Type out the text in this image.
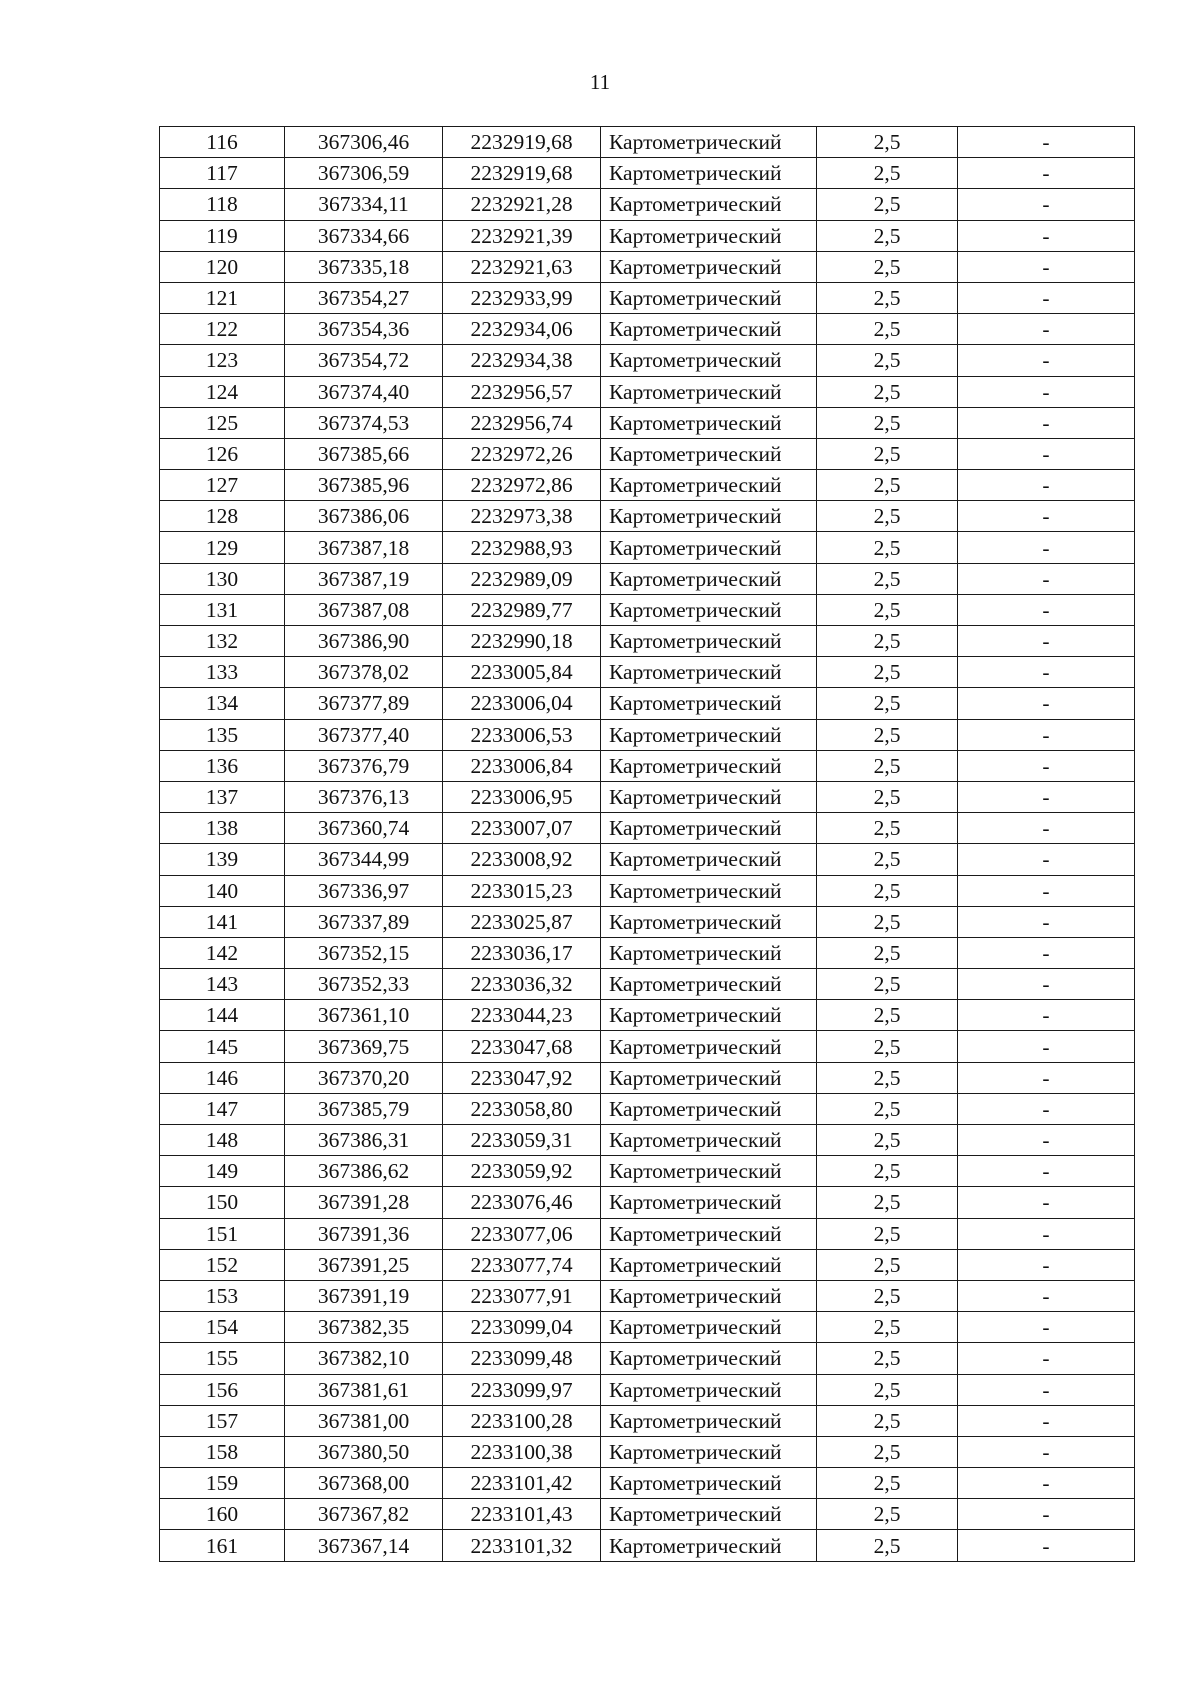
11
116	367306,46	2232919,68	Картометрический	2,5	-
117	367306,59	2232919,68	Картометрический	2,5	-
118	367334,11	2232921,28	Картометрический	2,5	-
119	367334,66	2232921,39	Картометрический	2,5	-
120	367335,18	2232921,63	Картометрический	2,5	-
121	367354,27	2232933,99	Картометрический	2,5	-
122	367354,36	2232934,06	Картометрический	2,5	-
123	367354,72	2232934,38	Картометрический	2,5	-
124	367374,40	2232956,57	Картометрический	2,5	-
125	367374,53	2232956,74	Картометрический	2,5	-
126	367385,66	2232972,26	Картометрический	2,5	-
127	367385,96	2232972,86	Картометрический	2,5	-
128	367386,06	2232973,38	Картометрический	2,5	-
129	367387,18	2232988,93	Картометрический	2,5	-
130	367387,19	2232989,09	Картометрический	2,5	-
131	367387,08	2232989,77	Картометрический	2,5	-
132	367386,90	2232990,18	Картометрический	2,5	-
133	367378,02	2233005,84	Картометрический	2,5	-
134	367377,89	2233006,04	Картометрический	2,5	-
135	367377,40	2233006,53	Картометрический	2,5	-
136	367376,79	2233006,84	Картометрический	2,5	-
137	367376,13	2233006,95	Картометрический	2,5	-
138	367360,74	2233007,07	Картометрический	2,5	-
139	367344,99	2233008,92	Картометрический	2,5	-
140	367336,97	2233015,23	Картометрический	2,5	-
141	367337,89	2233025,87	Картометрический	2,5	-
142	367352,15	2233036,17	Картометрический	2,5	-
143	367352,33	2233036,32	Картометрический	2,5	-
144	367361,10	2233044,23	Картометрический	2,5	-
145	367369,75	2233047,68	Картометрический	2,5	-
146	367370,20	2233047,92	Картометрический	2,5	-
147	367385,79	2233058,80	Картометрический	2,5	-
148	367386,31	2233059,31	Картометрический	2,5	-
149	367386,62	2233059,92	Картометрический	2,5	-
150	367391,28	2233076,46	Картометрический	2,5	-
151	367391,36	2233077,06	Картометрический	2,5	-
152	367391,25	2233077,74	Картометрический	2,5	-
153	367391,19	2233077,91	Картометрический	2,5	-
154	367382,35	2233099,04	Картометрический	2,5	-
155	367382,10	2233099,48	Картометрический	2,5	-
156	367381,61	2233099,97	Картометрический	2,5	-
157	367381,00	2233100,28	Картометрический	2,5	-
158	367380,50	2233100,38	Картометрический	2,5	-
159	367368,00	2233101,42	Картометрический	2,5	-
160	367367,82	2233101,43	Картометрический	2,5	-
161	367367,14	2233101,32	Картометрический	2,5	-
